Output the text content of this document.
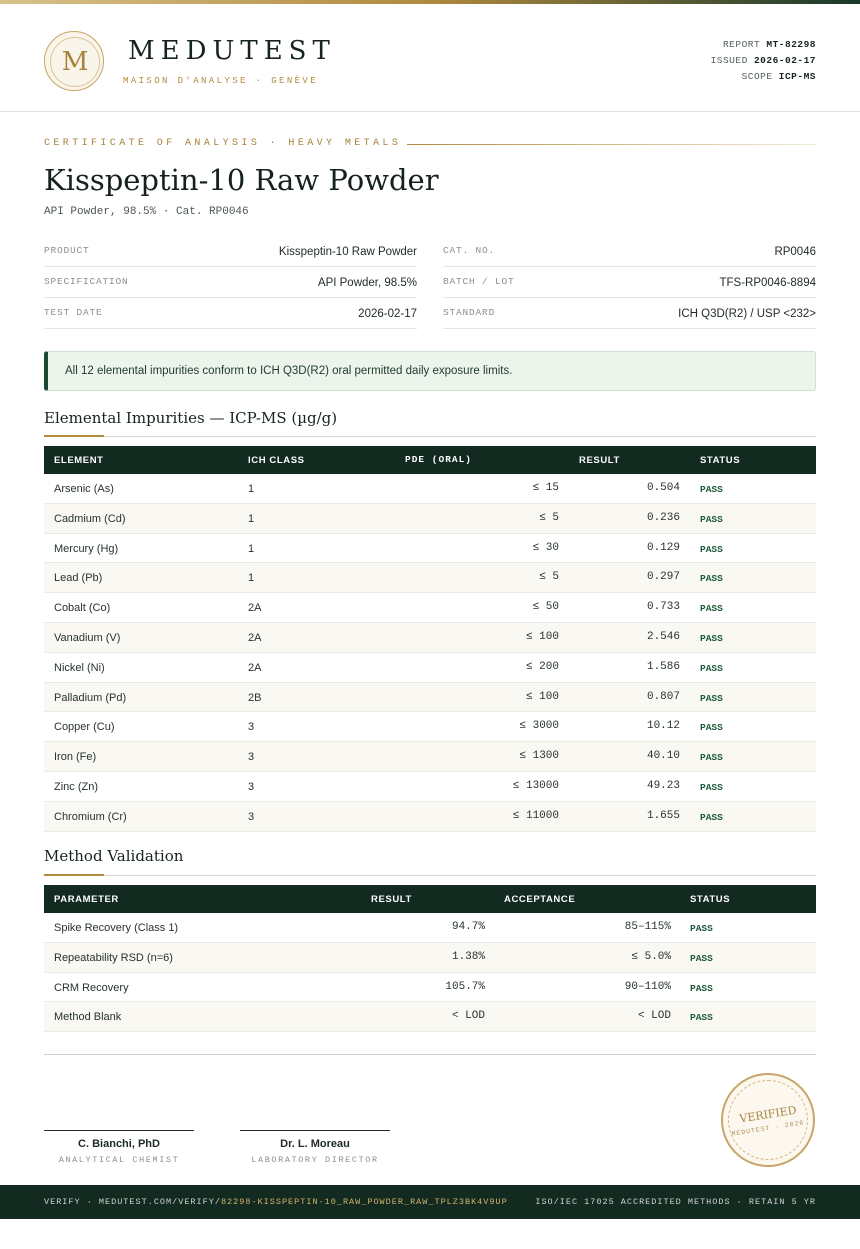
M	MEDUTEST
MAISON D'ANALYSE · GENÈVE
REPORT MT-82298
ISSUED 2026-02-17
SCOPE ICP-MS
CERTIFICATE OF ANALYSIS · HEAVY METALS
Kisspeptin-10 Raw Powder
API Powder, 98.5% · Cat. RP0046
PRODUCT	Kisspeptin-10 Raw Powder
SPECIFICATION	API Powder, 98.5%
TEST DATE	2026-02-17
CAT. NO.	RP0046
BATCH / LOT	TFS-RP0046-8894
STANDARD	ICH Q3D(R2) / USP <232>
All 12 elemental impurities conform to ICH Q3D(R2) oral permitted daily exposure limits.
Elemental Impurities — ICP-MS (µg/g)
ELEMENT	ICH CLASS	PDE (ORAL)	RESULT	STATUS
Arsenic (As)	1	≤ 15	0.504 PASS
Cadmium (Cd)	1	≤ 5	0.236 PASS
Mercury (Hg)	1	≤ 30	0.129 PASS
Lead (Pb)	1	≤ 5	0.297 PASS
Cobalt (Co)	2A	≤ 50	0.733 PASS
Vanadium (V)	2A	≤ 100	2.546 PASS
Nickel (Ni)	2A	≤ 200	1.586 PASS
Palladium (Pd)	2B	≤ 100	0.807 PASS
Copper (Cu)	3	≤ 3000	10.12 PASS
Iron (Fe)	3	≤ 1300	40.10 PASS
Zinc (Zn)	3	≤ 13000	49.23 PASS
Chromium (Cr)	3	≤ 11000	1.655 PASS
Method Validation
PARAMETER	RESULT	ACCEPTANCE	STATUS
Spike Recovery (Class 1)	94.7%	85–115% PASS
Repeatability RSD (n=6)	1.38%	≤ 5.0% PASS
CRM Recovery	105.7%	90–110% PASS
Method Blank	< LOD	< LOD PASS
C. Bianchi, PhD
ANALYTICAL CHEMIST
Dr. L. Moreau
LABORATORY DIRECTOR
VERIFIED
MEDUTEST · 2026
VERIFY · MEDUTEST.COM/VERIFY/82298-KISSPEPTIN-10_RAW_POWDER_RAW_TPLZ3BK4V9UP	ISO/IEC 17025 ACCREDITED METHODS · RETAIN 5 YR
